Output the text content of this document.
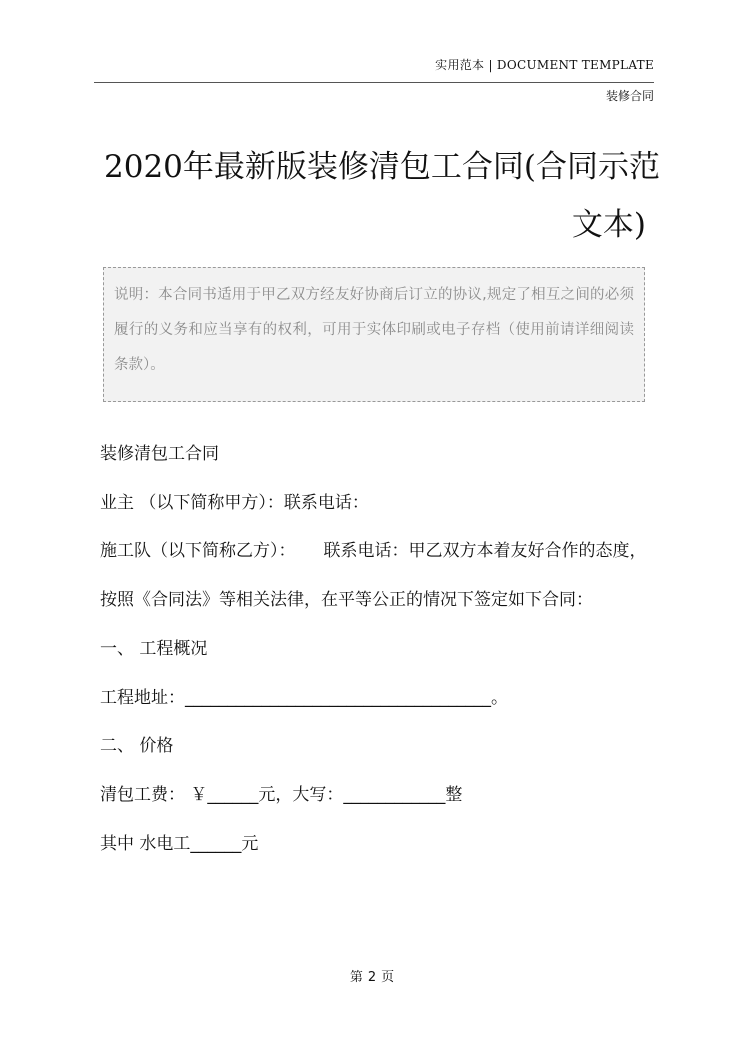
实用范本 | DOCUMENT TEMPLATE
装修合同
2020年最新版装修清包工合同(合同示范
文本)
说明：本合同书适用于甲乙双方经友好协商后订立的协议,规定了相互之间的必须履行的义务和应当享有的权利，可用于实体印刷或电子存档（使用前请详细阅读条款）。

装修清包工合同

业主 （以下简称甲方）：联系电话：

施工队（以下简称乙方）： 联系电话：甲乙双方本着友好合作的态度，按照《合同法》等相关法律，在平等公正的情况下签定如下合同：

一、 工程概况

工程地址：____________________________________。

二、 价格

清包工费： ￥______元，大写：____________整

其中 水电工______元

第 2 页
